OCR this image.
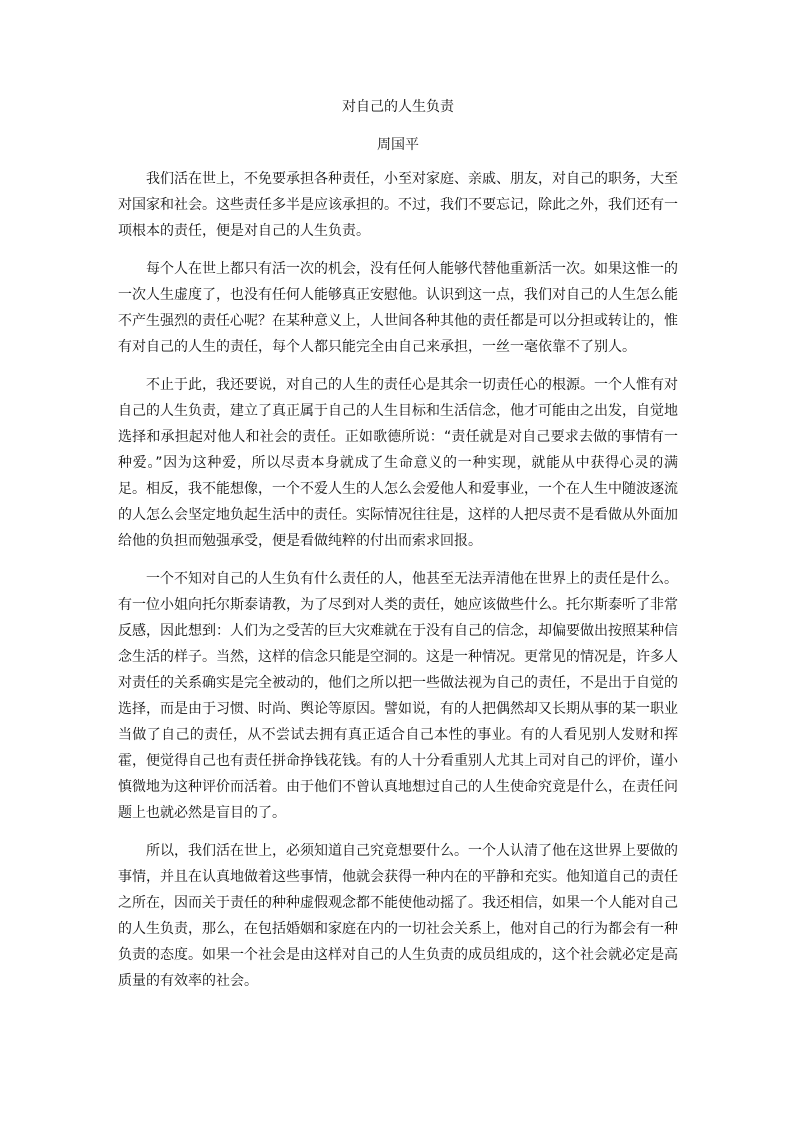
对自己的人生负责
周国平

我们活在世上，不免要承担各种责任，小至对家庭、亲戚、朋友，对自己的职务，大至对国家和社会。这些责任多半是应该承担的。不过，我们不要忘记，除此之外，我们还有一项根本的责任，便是对自己的人生负责。

每个人在世上都只有活一次的机会，没有任何人能够代替他重新活一次。如果这惟一的一次人生虚度了，也没有任何人能够真正安慰他。认识到这一点，我们对自己的人生怎么能不产生强烈的责任心呢？在某种意义上，人世间各种其他的责任都是可以分担或转让的，惟有对自己的人生的责任，每个人都只能完全由自己来承担，一丝一毫依靠不了别人。

不止于此，我还要说，对自己的人生的责任心是其余一切责任心的根源。一个人惟有对自己的人生负责，建立了真正属于自己的人生目标和生活信念，他才可能由之出发，自觉地选择和承担起对他人和社会的责任。正如歌德所说：“责任就是对自己要求去做的事情有一种爱。”因为这种爱，所以尽责本身就成了生命意义的一种实现，就能从中获得心灵的满足。相反，我不能想像，一个不爱人生的人怎么会爱他人和爱事业，一个在人生中随波逐流的人怎么会坚定地负起生活中的责任。实际情况往往是，这样的人把尽责不是看做从外面加给他的负担而勉强承受，便是看做纯粹的付出而索求回报。

一个不知对自己的人生负有什么责任的人，他甚至无法弄清他在世界上的责任是什么。有一位小姐向托尔斯泰请教，为了尽到对人类的责任，她应该做些什么。托尔斯泰听了非常反感，因此想到：人们为之受苦的巨大灾难就在于没有自己的信念，却偏要做出按照某种信念生活的样子。当然，这样的信念只能是空洞的。这是一种情况。更常见的情况是，许多人对责任的关系确实是完全被动的，他们之所以把一些做法视为自己的责任，不是出于自觉的选择，而是由于习惯、时尚、舆论等原因。譬如说，有的人把偶然却又长期从事的某一职业当做了自己的责任，从不尝试去拥有真正适合自己本性的事业。有的人看见别人发财和挥霍，便觉得自己也有责任拼命挣钱花钱。有的人十分看重别人尤其上司对自己的评价，谨小慎微地为这种评价而活着。由于他们不曾认真地想过自己的人生使命究竟是什么，在责任问题上也就必然是盲目的了。

所以，我们活在世上，必须知道自己究竟想要什么。一个人认清了他在这世界上要做的事情，并且在认真地做着这些事情，他就会获得一种内在的平静和充实。他知道自己的责任之所在，因而关于责任的种种虚假观念都不能使他动摇了。我还相信，如果一个人能对自己的人生负责，那么，在包括婚姻和家庭在内的一切社会关系上，他对自己的行为都会有一种负责的态度。如果一个社会是由这样对自己的人生负责的成员组成的，这个社会就必定是高质量的有效率的社会。
